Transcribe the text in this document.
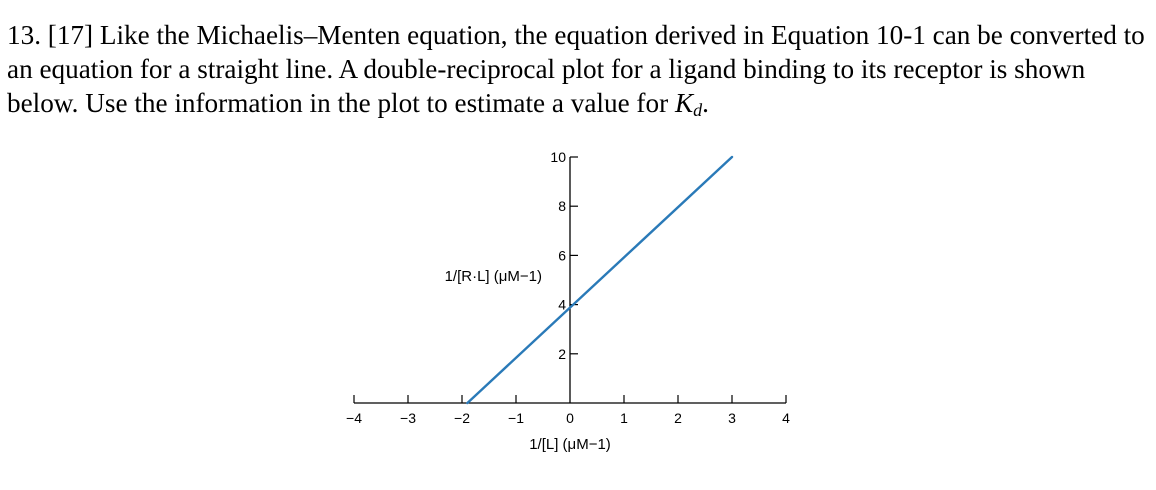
13. [17] Like the Michaelis–Menten equation, the equation derived in Equation 10-1 can be converted to an equation for a straight line. A double-reciprocal plot for a ligand binding to its receptor is shown below. Use the information in the plot to estimate a value for $K_d$.
−4	−3	−2	−1	0	1	2	3	4
2
4
6
8
10
1/[L] (μM−1)
1/[R·L] (μM−1)
